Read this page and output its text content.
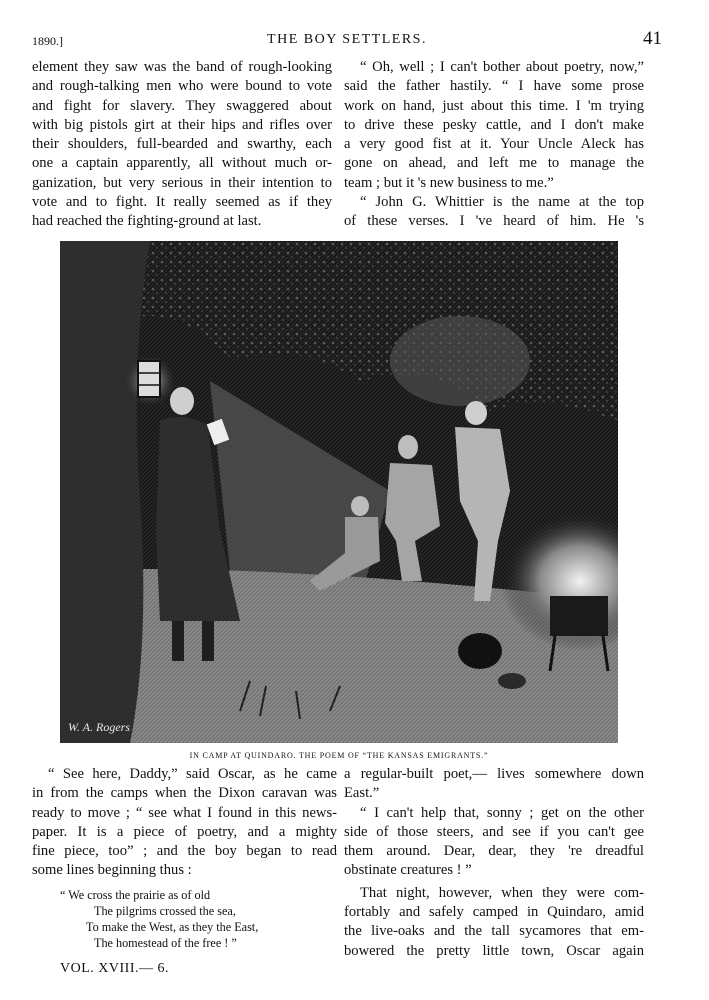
1890.]	THE BOY SETTLERS.	41

element they saw was the band of rough-looking
and rough-talking men who were bound to vote
and fight for slavery. They swaggered about
with big pistols girt at their hips and rifles over
their shoulders, full-bearded and swarthy, each
one a captain apparently, all without much or-
ganization, but very serious in their intention to
vote and to fight. It really seemed as if they
had reached the fighting-ground at last.

“ Oh, well ; I can't bother about poetry, now,”
said the father hastily. “ I have some prose
work on hand, just about this time. I 'm trying
to drive these pesky cattle, and I don't make
a very good fist at it. Your Uncle Aleck has
gone on ahead, and left me to manage the
team ; but it 's new business to me.”

“ John G. Whittier is the name at the top
of these verses. I 've heard of him. He 's

W. A. Rogers
IN CAMP AT QUINDARO. THE POEM OF “THE KANSAS EMIGRANTS.”

“ See here, Daddy,” said Oscar, as he came
in from the camps when the Dixon caravan was
ready to move ; “ see what I found in this news-
paper. It is a piece of poetry, and a mighty
fine piece, too” ; and the boy began to read
some lines beginning thus :

“ We cross the prairie as of old
The pilgrims crossed the sea,
To make the West, as they the East,
The homestead of the free ! ”
VOL. XVIII.— 6.

a regular-built poet,— lives somewhere down
East.”

“ I can't help that, sonny ; get on the other
side of those steers, and see if you can't gee
them around. Dear, dear, they 're dreadful
obstinate creatures ! ”

That night, however, when they were com-
fortably and safely camped in Quindaro, amid
the live-oaks and the tall sycamores that em-
bowered the pretty little town, Oscar again
